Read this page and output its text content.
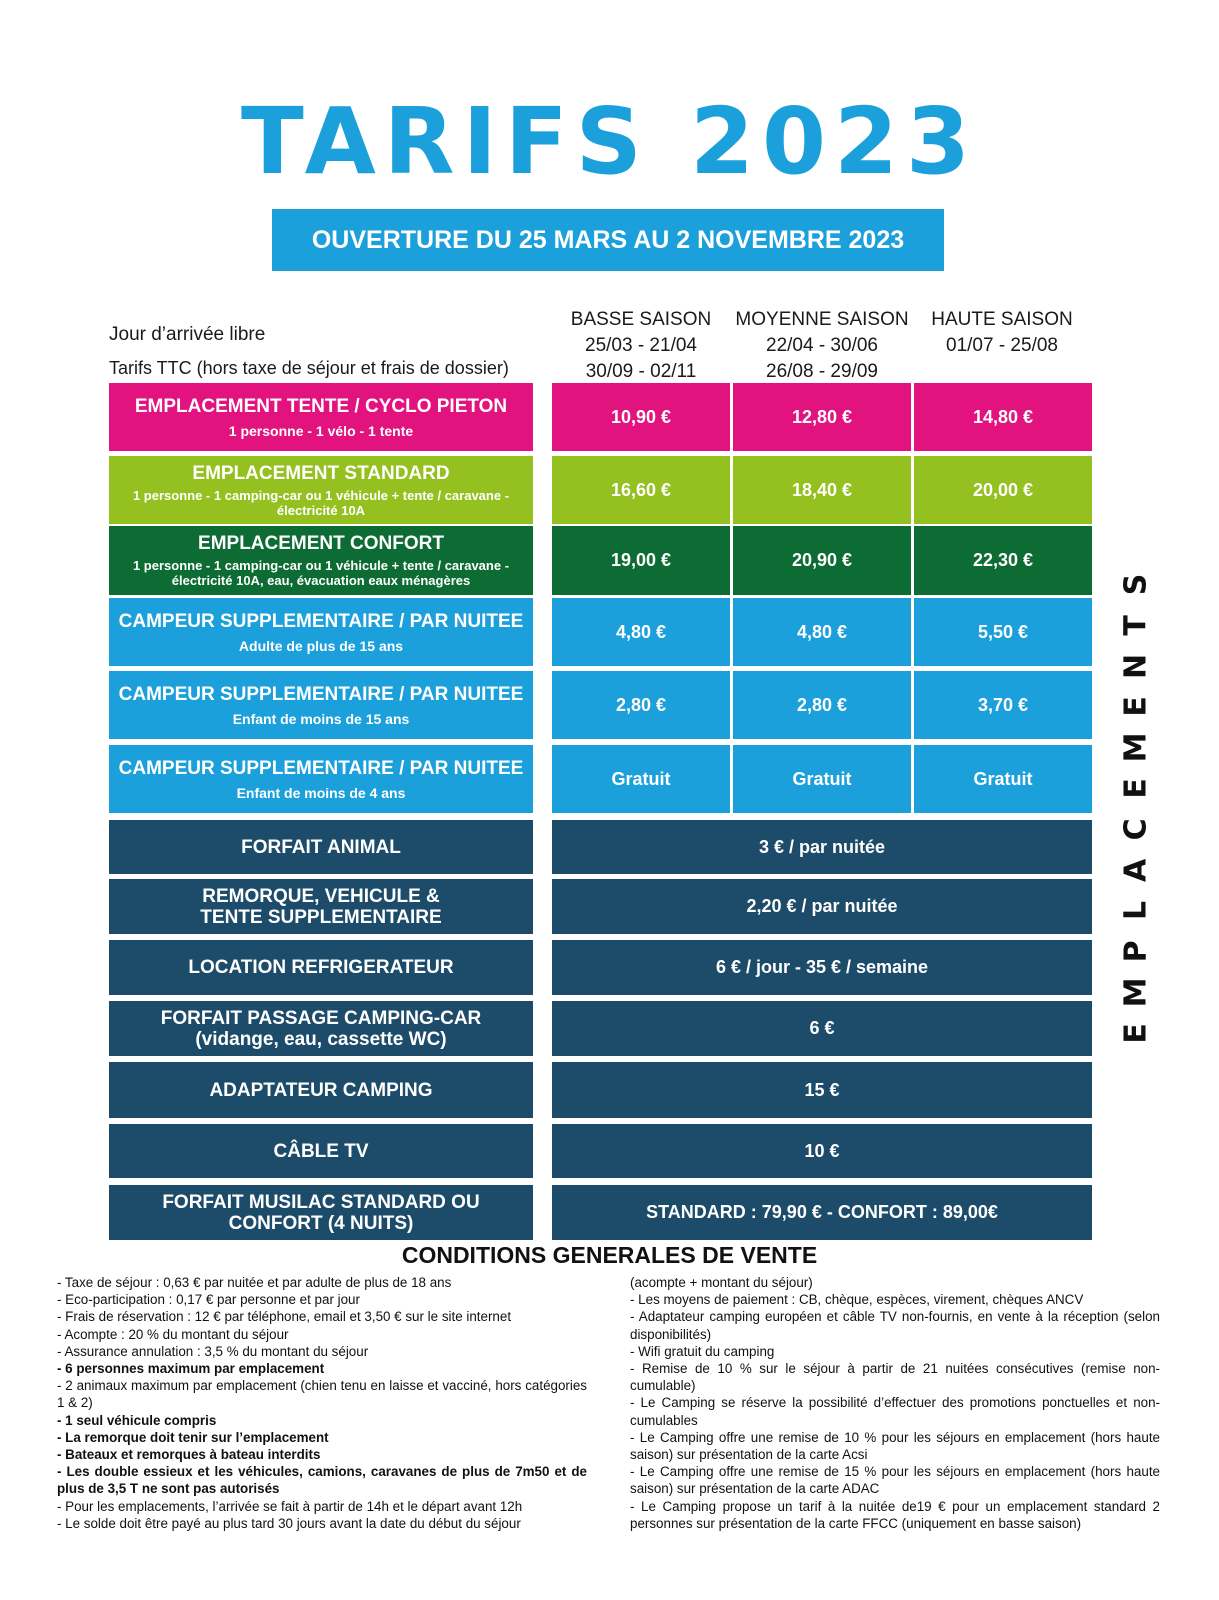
TARIFS 2023
OUVERTURE DU 25 MARS AU 2 NOVEMBRE 2023
Jour d’arrivée libre
Tarifs TTC (hors taxe de séjour et frais de dossier)
BASSE SAISON
25/03 - 21/04
30/09 - 02/11
MOYENNE SAISON
22/04 - 30/06
26/08 - 29/09
HAUTE SAISON
01/07 - 25/08
EMPLACEMENT TENTE / CYCLO PIETON
1 personne - 1 vélo - 1 tente
10,90 €	12,80 €	14,80 €
EMPLACEMENT STANDARD
1 personne - 1 camping-car ou 1 véhicule + tente / caravane - électricité 10A
16,60 €	18,40 €	20,00 €
EMPLACEMENT CONFORT
1 personne - 1 camping-car ou 1 véhicule + tente / caravane - électricité 10A, eau, évacuation eaux ménagères
19,00 €	20,90 €	22,30 €
CAMPEUR SUPPLEMENTAIRE / PAR NUITEE
Adulte de plus de 15 ans
4,80 €	4,80 €	5,50 €
CAMPEUR SUPPLEMENTAIRE / PAR NUITEE
Enfant de moins de 15 ans
2,80 €	2,80 €	3,70 €
CAMPEUR SUPPLEMENTAIRE / PAR NUITEE
Enfant de moins de 4 ans
Gratuit	Gratuit	Gratuit
FORFAIT ANIMAL	3 € / par nuitée
REMORQUE, VEHICULE & TENTE SUPPLEMENTAIRE
2,20 € / par nuitée
LOCATION REFRIGERATEUR	6 € / jour - 35 € / semaine
FORFAIT PASSAGE CAMPING-CAR (vidange, eau, cassette WC)
6 €
ADAPTATEUR CAMPING	15 €
CÂBLE TV	10 €
FORFAIT MUSILAC STANDARD OU CONFORT (4 NUITS)
STANDARD : 79,90 € - CONFORT : 89,00€
S
T
N
E
M
E
C
A
L
P
M
E
CONDITIONS GENERALES DE VENTE

- Taxe de séjour : 0,63 € par nuitée et par adulte de plus de 18 ans

- Eco-participation : 0,17 € par personne et par jour

- Frais de réservation : 12 € par téléphone, email et 3,50 € sur le site internet

- Acompte : 20 % du montant du séjour

- Assurance annulation : 3,5 % du montant du séjour

- 6 personnes maximum par emplacement

- 2 animaux maximum par emplacement (chien tenu en laisse et vacciné, hors catégories 1 & 2)

- 1 seul véhicule compris

- La remorque doit tenir sur l’emplacement

- Bateaux et remorques à bateau interdits

- Les double essieux et les véhicules, camions, caravanes de plus de 7m50 et de plus de 3,5 T ne sont pas autorisés

- Pour les emplacements, l’arrivée se fait à partir de 14h et le départ avant 12h

- Le solde doit être payé au plus tard 30 jours avant la date du début du séjour

(acompte + montant du séjour)

- Les moyens de paiement : CB, chèque, espèces, virement, chèques ANCV

- Adaptateur camping européen et câble TV non-fournis, en vente à la réception (selon disponibilités)

- Wifi gratuit du camping

- Remise de 10 % sur le séjour à partir de 21 nuitées consécutives (remise non-cumulable)

- Le Camping se réserve la possibilité d’effectuer des promotions ponctuelles et non-cumulables

- Le Camping offre une remise de 10 % pour les séjours en emplacement (hors haute saison) sur présentation de la carte Acsi

- Le Camping offre une remise de 15 % pour les séjours en emplacement (hors haute saison) sur présentation de la carte ADAC

- Le Camping propose un tarif à la nuitée de19 € pour un emplacement standard 2 personnes sur présentation de la carte FFCC (uniquement en basse saison)
